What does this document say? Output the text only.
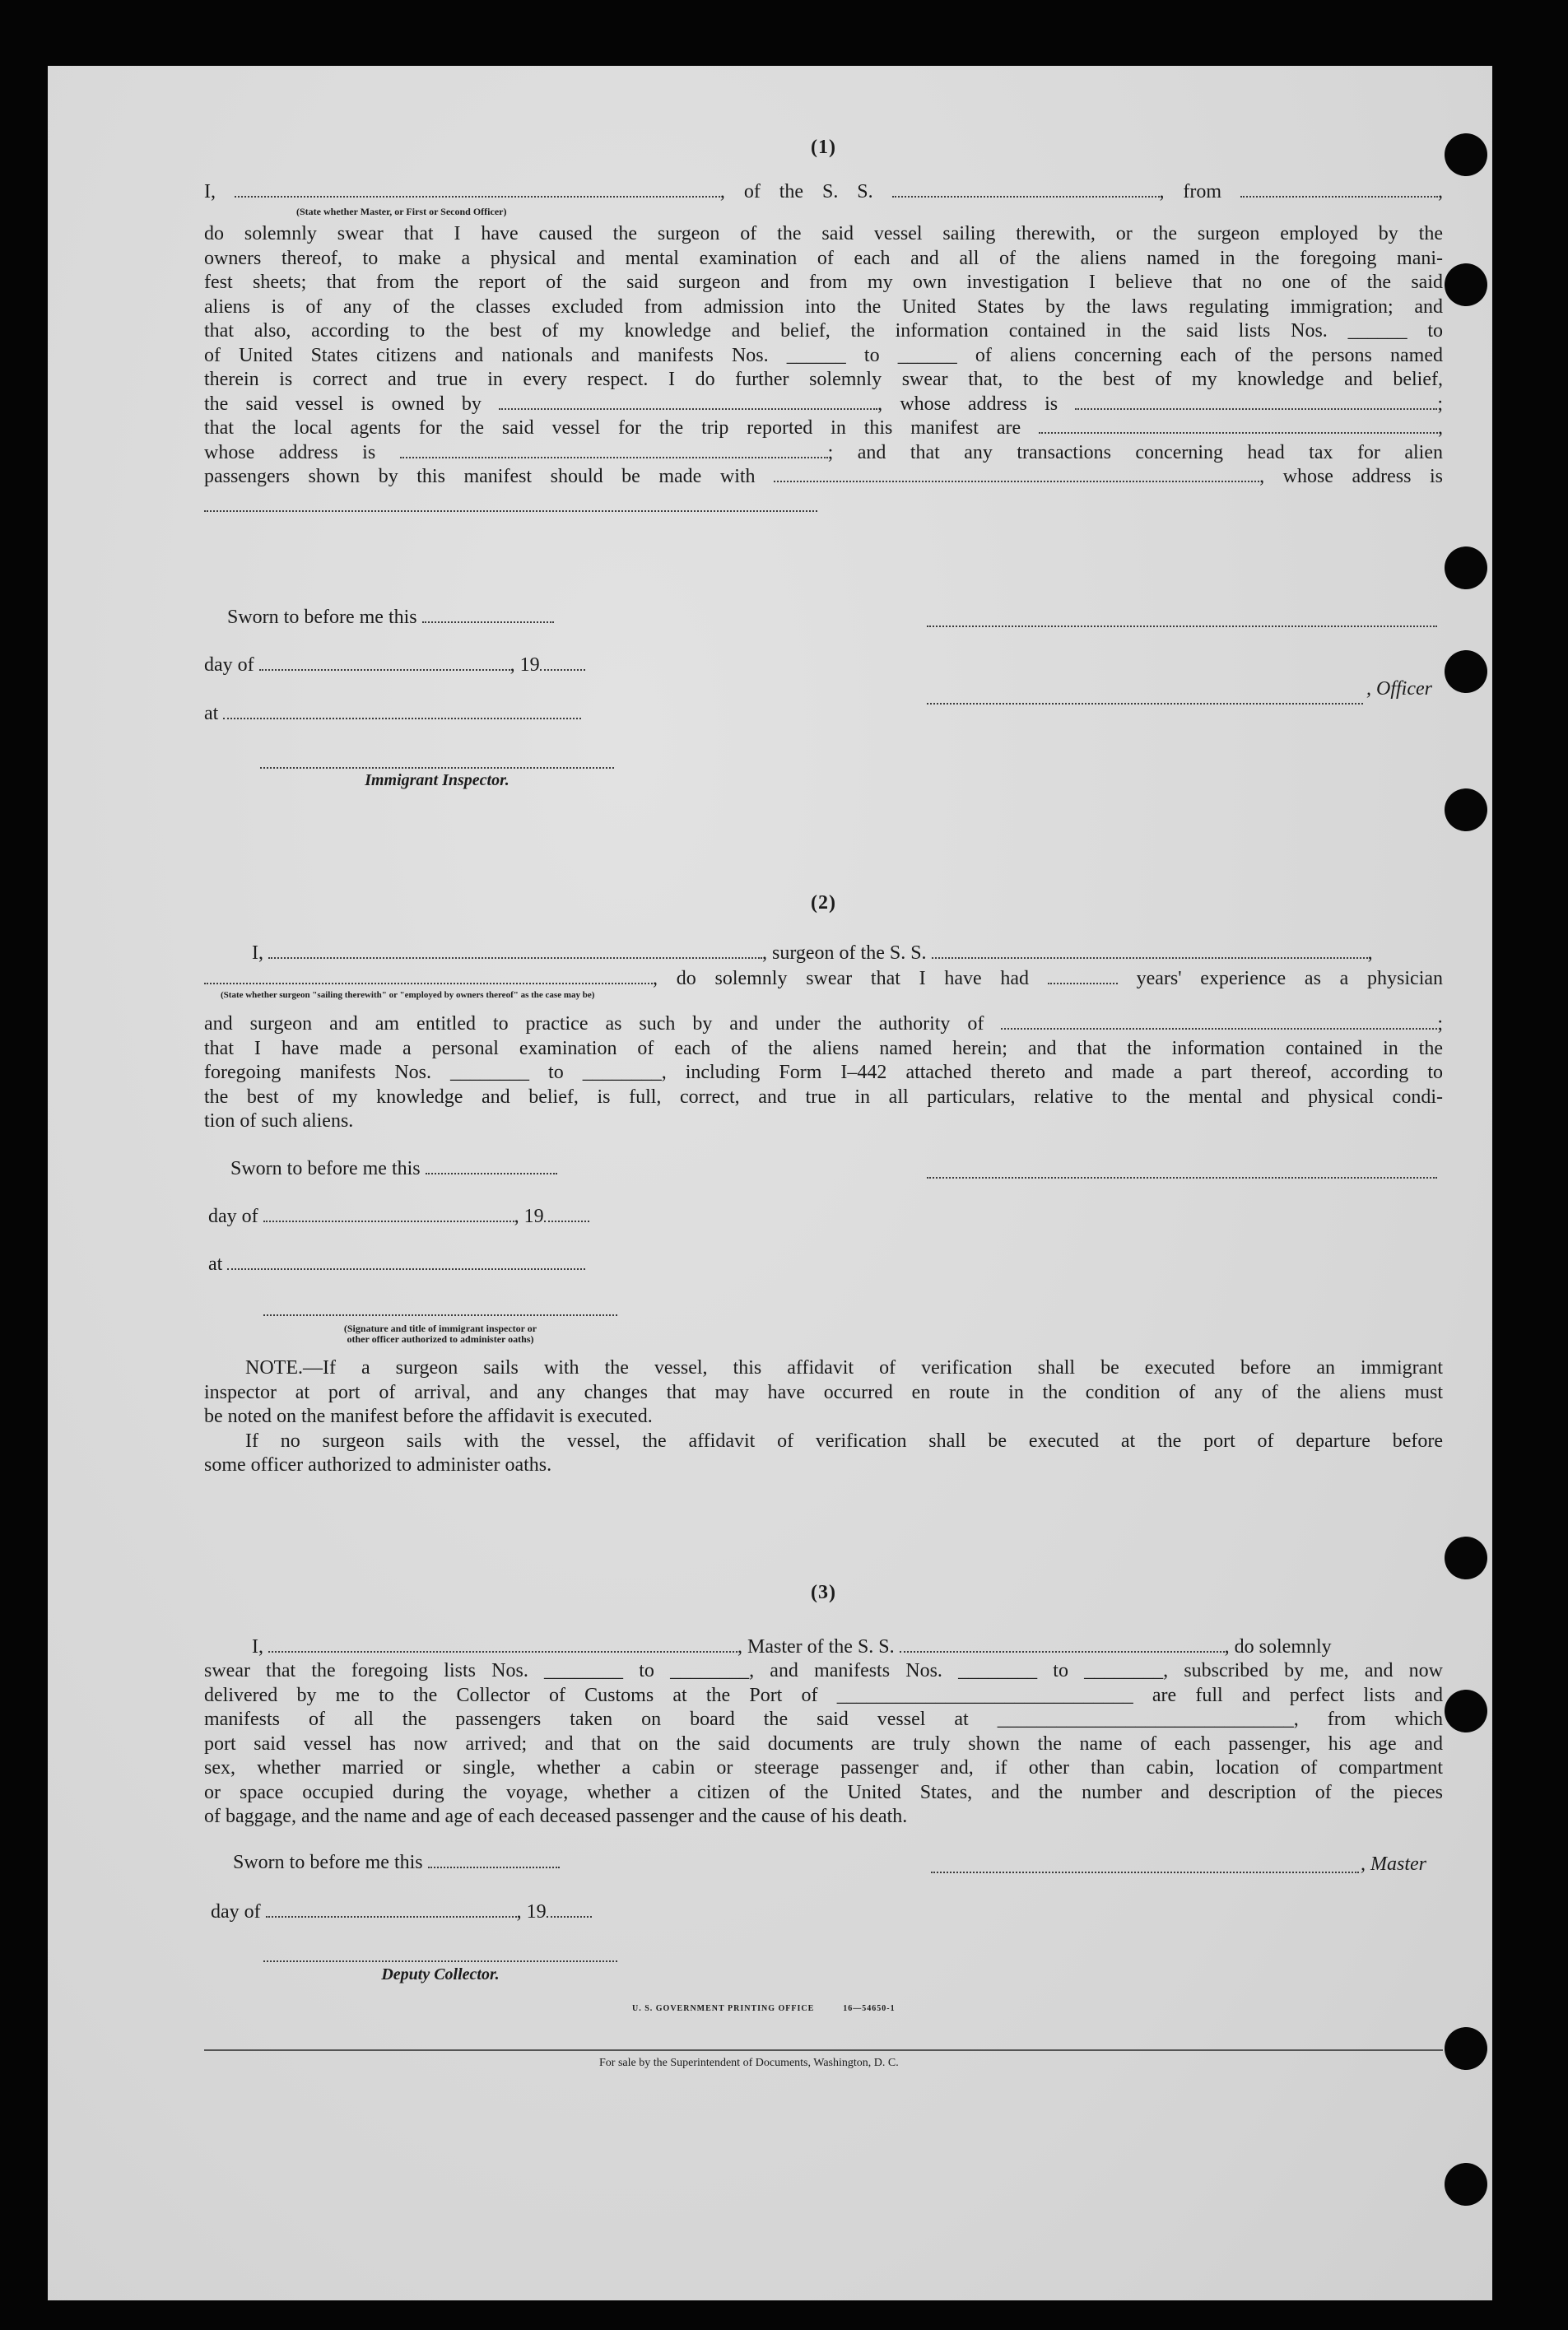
(1)
I,	, of the S. S.	, from	,
(State whether Master, or First or Second Officer)
do solemnly swear that I have caused the surgeon of the said vessel sailing therewith, or the surgeon employed by the
owners thereof, to make a physical and mental examination of each and all of the aliens named in the foregoing mani-
fest sheets; that from the report of the said surgeon and from my own investigation I believe that no one of the said
aliens is of any of the classes excluded from admission into the United States by the laws regulating immigration; and
that also, according to the best of my knowledge and belief, the information contained in the said lists Nos. ______ to
of United States citizens and nationals and manifests Nos. ______ to ______ of aliens concerning each of the persons named
therein is correct and true in every respect. I do further solemnly swear that, to the best of my knowledge and belief,
the said vessel is owned by	, whose address is	;
that the local agents for the said vessel for the trip reported in this manifest are	,
whose address is	; and that any transactions concerning head tax for alien
passengers shown by this manifest should be made with	, whose address is
Sworn to before me this
day of	, 19
at
Immigrant Inspector.
, Officer
(2)
I,	, surgeon of the S. S.	,
, do solemnly swear that I have had	years' experience as a physician
(State whether surgeon "sailing therewith" or "employed by owners thereof" as the case may be)
and surgeon and am entitled to practice as such by and under the authority of	;
that I have made a personal examination of each of the aliens named herein; and that the information contained in the
foregoing manifests Nos. ________ to ________, including Form I–442 attached thereto and made a part thereof, according to
the best of my knowledge and belief, is full, correct, and true in all particulars, relative to the mental and physical condi-
tion of such aliens.
Sworn to before me this
day of	, 19
at
(Signature and title of immigrant inspector or
other officer authorized to administer oaths)
NOTE.—If a surgeon sails with the vessel, this affidavit of verification shall be executed before an immigrant
inspector at port of arrival, and any changes that may have occurred en route in the condition of any of the aliens must
be noted on the manifest before the affidavit is executed.
If no surgeon sails with the vessel, the affidavit of verification shall be executed at the port of departure before
some officer authorized to administer oaths.
(3)
I,	, Master of the S. S.	, do solemnly
swear that the foregoing lists Nos. ________ to ________, and manifests Nos. ________ to ________, subscribed by me, and now
delivered by me to the Collector of Customs at the Port of ______________________________ are full and perfect lists and
manifests of all the passengers taken on board the said vessel at ______________________________, from which
port said vessel has now arrived; and that on the said documents are truly shown the name of each passenger, his age and
sex, whether married or single, whether a cabin or steerage passenger and, if other than cabin, location of compartment
or space occupied during the voyage, whether a citizen of the United States, and the number and description of the pieces
of baggage, and the name and age of each deceased passenger and the cause of his death.
Sworn to before me this
day of	, 19
Deputy Collector.
, Master
U. S. GOVERNMENT PRINTING OFFICE          16—54650-1
For sale by the Superintendent of Documents, Washington, D. C.
